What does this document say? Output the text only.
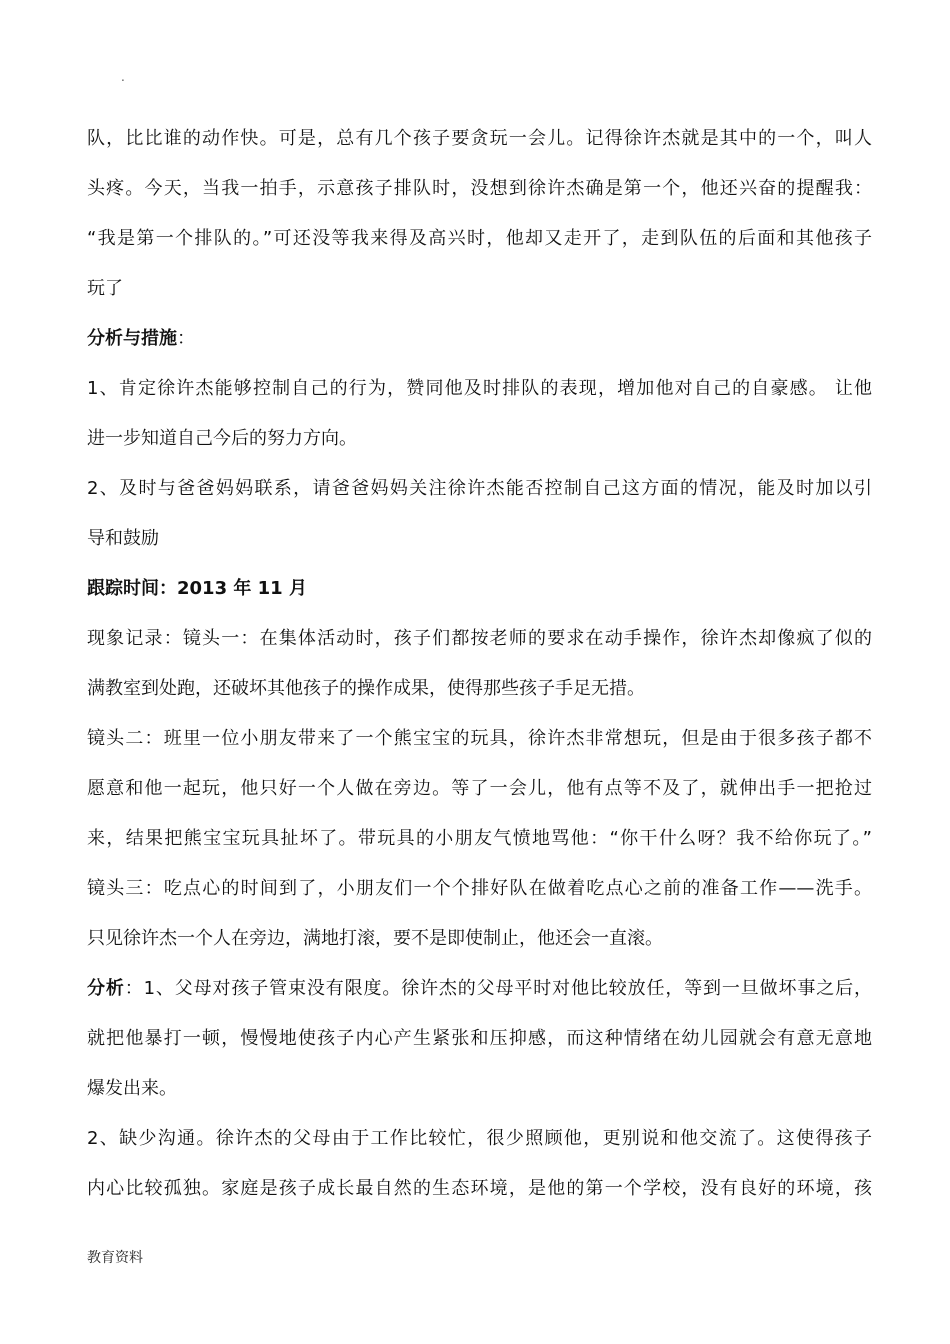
.
队，比比谁的动作快。可是，总有几个孩子要贪玩一会儿。记得徐许杰就是其中的一个，叫人
头疼。今天，当我一拍手，示意孩子排队时，没想到徐许杰确是第一个，他还兴奋的提醒我：
“我是第一个排队的。”可还没等我来得及高兴时，他却又走开了，走到队伍的后面和其他孩子
玩了
分析与措施：
1、肯定徐许杰能够控制自己的行为，赞同他及时排队的表现，增加他对自己的自豪感。 让他
进一步知道自己今后的努力方向。
2、及时与爸爸妈妈联系，请爸爸妈妈关注徐许杰能否控制自己这方面的情况，能及时加以引
导和鼓励
跟踪时间：2013 年 11 月
现象记录：镜头一：在集体活动时，孩子们都按老师的要求在动手操作，徐许杰却像疯了似的
满教室到处跑，还破坏其他孩子的操作成果，使得那些孩子手足无措。
镜头二：班里一位小朋友带来了一个熊宝宝的玩具，徐许杰非常想玩，但是由于很多孩子都不
愿意和他一起玩，他只好一个人做在旁边。等了一会儿，他有点等不及了，就伸出手一把抢过
来，结果把熊宝宝玩具扯坏了。带玩具的小朋友气愤地骂他：“你干什么呀？我不给你玩了。”
镜头三：吃点心的时间到了，小朋友们一个个排好队在做着吃点心之前的准备工作——洗手。
只见徐许杰一个人在旁边，满地打滚，要不是即使制止，他还会一直滚。
分析：1、父母对孩子管束没有限度。徐许杰的父母平时对他比较放任，等到一旦做坏事之后，
就把他暴打一顿，慢慢地使孩子内心产生紧张和压抑感，而这种情绪在幼儿园就会有意无意地
爆发出来。
2、缺少沟通。徐许杰的父母由于工作比较忙，很少照顾他，更别说和他交流了。这使得孩子
内心比较孤独。家庭是孩子成长最自然的生态环境，是他的第一个学校，没有良好的环境，孩
教育资料
